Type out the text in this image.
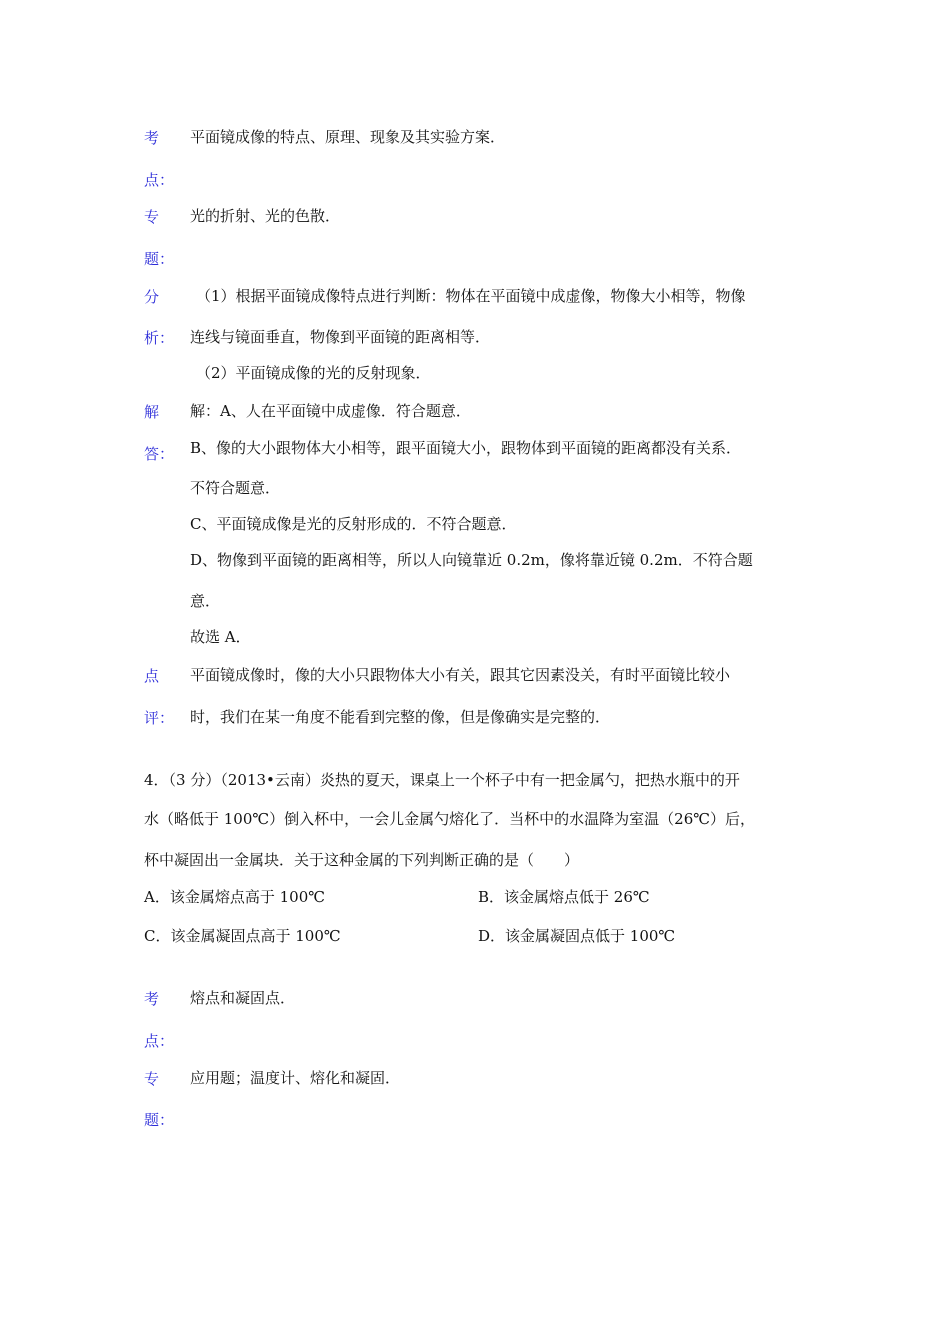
考 平面镜成像的特点、原理、现象及其实验方案．
点：
专 光的折射、光的色散．
题：
分 （1）根据平面镜成像特点进行判断：物体在平面镜中成虚像，物像大小相等，物像
析： 连线与镜面垂直，物像到平面镜的距离相等．
（2）平面镜成像的光的反射现象．
解 解：A、人在平面镜中成虚像．符合题意．
答： B、像的大小跟物体大小相等，跟平面镜大小，跟物体到平面镜的距离都没有关系．
不符合题意．
C、平面镜成像是光的反射形成的．不符合题意．
D、物像到平面镜的距离相等，所以人向镜靠近 0.2m，像将靠近镜 0.2m．不符合题
意．
故选 A．
点 平面镜成像时，像的大小只跟物体大小有关，跟其它因素没关，有时平面镜比较小
评： 时，我们在某一角度不能看到完整的像，但是像确实是完整的．
4．（3 分）（2013•云南）炎热的夏天，课桌上一个杯子中有一把金属勺，把热水瓶中的开
水（略低于 100℃）倒入杯中，一会儿金属勺熔化了．当杯中的水温降为室温（26℃）后，
杯中凝固出一金属块．关于这种金属的下列判断正确的是（　　）
A．该金属熔点高于 100℃	B．该金属熔点低于 26℃
C．该金属凝固点高于 100℃	D．该金属凝固点低于 100℃
考 熔点和凝固点．
点：
专 应用题；温度计、熔化和凝固．
题：
